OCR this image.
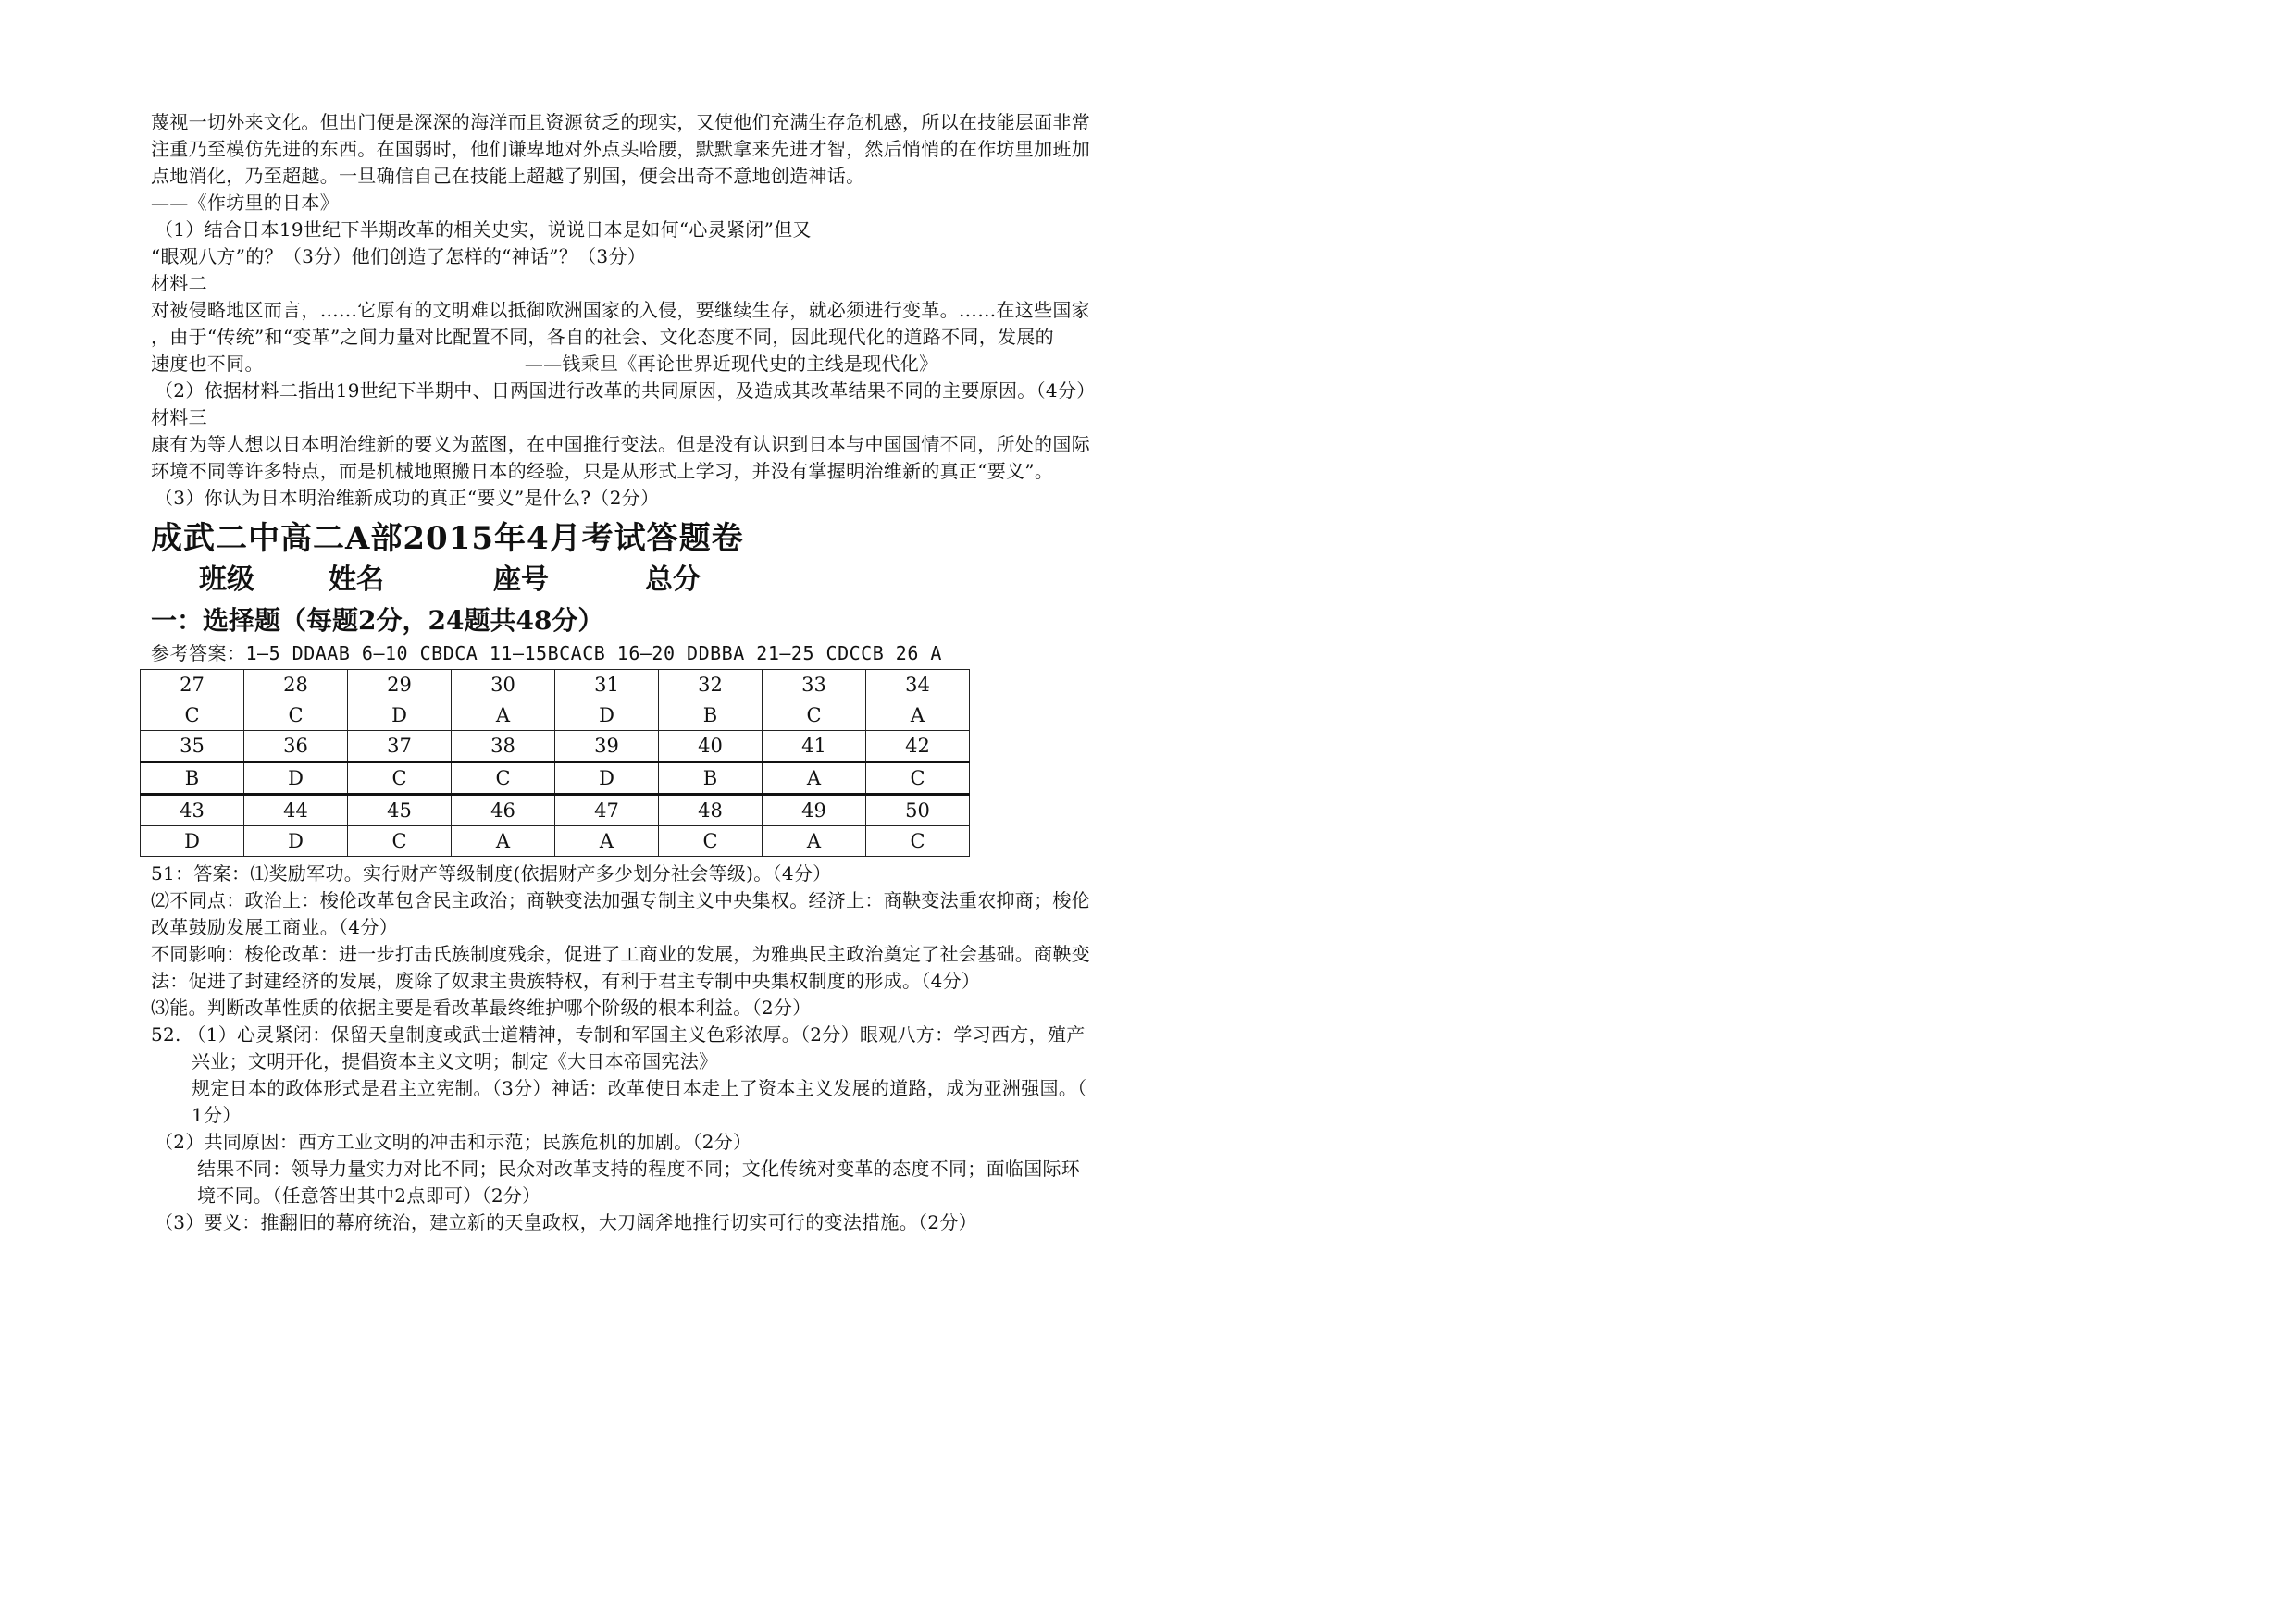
蔑视一切外来文化。但出门便是深深的海洋而且资源贫乏的现实，又使他们充满生存危机感，所以在技能层面非常

注重乃至模仿先进的东西。在国弱时，他们谦卑地对外点头哈腰，默默拿来先进才智，然后悄悄的在作坊里加班加

点地消化，乃至超越。一旦确信自己在技能上超越了别国，便会出奇不意地创造神话。

——《作坊里的日本》

（1）结合日本19世纪下半期改革的相关史实，说说日本是如何“心灵紧闭”但又

“眼观八方”的？（3分）他们创造了怎样的“神话”？（3分）

材料二

对被侵略地区而言，……它原有的文明难以抵御欧洲国家的入侵，要继续生存，就必须进行变革。……在这些国家

，由于“传统”和“变革”之间力量对比配置不同，各自的社会、文化态度不同，因此现代化的道路不同，发展的

速度也不同。	——钱乘旦《再论世界近现代史的主线是现代化》

（2）依据材料二指出19世纪下半期中、日两国进行改革的共同原因，及造成其改革结果不同的主要原因。（4分）

材料三

康有为等人想以日本明治维新的要义为蓝图，在中国推行变法。但是没有认识到日本与中国国情不同，所处的国际

环境不同等许多特点，而是机械地照搬日本的经验，只是从形式上学习，并没有掌握明治维新的真正“要义”。

（3）你认为日本明治维新成功的真正“要义”是什么?（2分）

成武二中高二A部2015年4月考试答题卷
班级	姓名	座号	总分
一：选择题（每题2分，24题共48分）
参考答案：1—5 DDAAB 6—10 CBDCA 11—15BCACB 16—20 DDBBA 21—25 CDCCB 26 A
27	28	29	30	31	32	33	34
C	C	D	A	D	B	C	A
35	36	37	38	39	40	41	42
B	D	C	C	D	B	A	C
43	44	45	46	47	48	49	50
D	D	C	A	A	C	A	C

51：答案：⑴奖励军功。实行财产等级制度(依据财产多少划分社会等级)。（4分）

⑵不同点：政治上：梭伦改革包含民主政治；商鞅变法加强专制主义中央集权。经济上：商鞅变法重农抑商；梭伦

改革鼓励发展工商业。（4分）

不同影响：梭伦改革：进一步打击氏族制度残余，促进了工商业的发展，为雅典民主政治奠定了社会基础。商鞅变

法：促进了封建经济的发展，废除了奴隶主贵族特权，有利于君主专制中央集权制度的形成。（4分）

⑶能。判断改革性质的依据主要是看改革最终维护哪个阶级的根本利益。（2分）

52. （1）心灵紧闭：保留天皇制度或武士道精神，专制和军国主义色彩浓厚。（2分）眼观八方：学习西方，殖产

兴业；文明开化，提倡资本主义文明；制定《大日本帝国宪法》

规定日本的政体形式是君主立宪制。（3分）神话：改革使日本走上了资本主义发展的道路，成为亚洲强国。（

1分）

（2）共同原因：西方工业文明的冲击和示范；民族危机的加剧。（2分）

结果不同：领导力量实力对比不同；民众对改革支持的程度不同；文化传统对变革的态度不同；面临国际环

境不同。（任意答出其中2点即可）（2分）

（3）要义：推翻旧的幕府统治，建立新的天皇政权，大刀阔斧地推行切实可行的变法措施。（2分）
